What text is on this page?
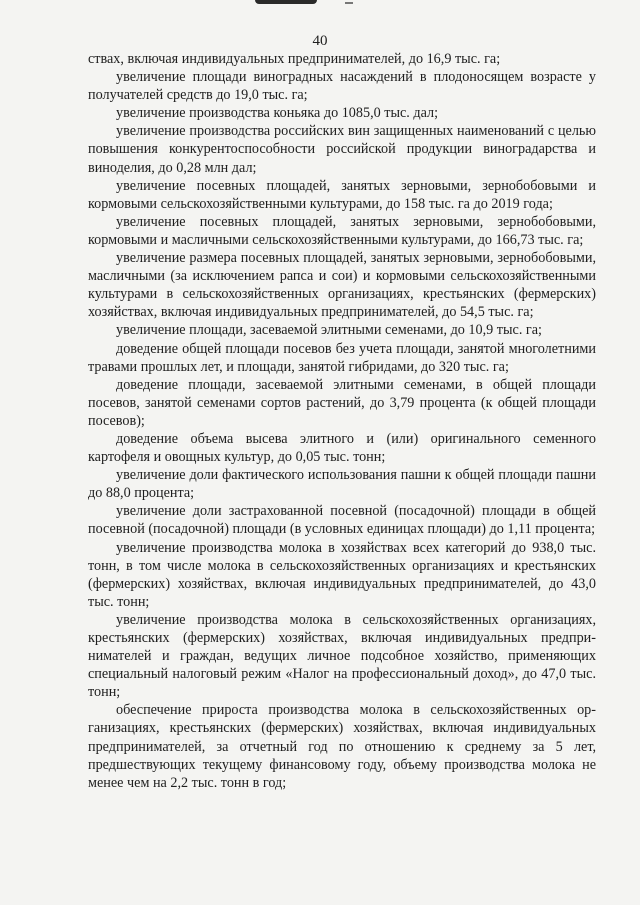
40

ствах, включая индивидуальных предпринимателей, до 16,9 тыс. га;

увеличение площади виноградных насаждений в плодоносящем возрасте у получателей средств до 19,0 тыс. га;

увеличение производства коньяка до 1085,0 тыс. дал;

увеличение производства российских вин защищенных наименований с целью повышения конкурентоспособности российской продукции виноградарства и виноделия, до 0,28 млн дал;

увеличение посевных площадей, занятых зерновыми, зернобобовыми и кормовыми сельскохозяйственными культурами, до 158 тыс. га до 2019 года;

увеличение посевных площадей, занятых зерновыми, зернобобовыми, кормовыми и масличными сельскохозяйственными культурами, до 166,73 тыс. га;

увеличение размера посевных площадей, занятых зерновыми, зернобобовыми, масличными (за исключением рапса и сои) и кормовыми сельскохозяйственными культурами в сельскохозяйственных организациях, крестьянских (фермерских) хозяйствах, включая индивидуальных предпринимателей, до 54,5 тыс. га;

увеличение площади, засеваемой элитными семенами, до 10,9 тыс. га;

доведение общей площади посевов без учета площади, занятой многолетними травами прошлых лет, и площади, занятой гибридами, до 320 тыс. га;

доведение площади, засеваемой элитными семенами, в общей площади посевов, занятой семенами сортов растений, до 3,79 процента (к общей площади посевов);

доведение объема высева элитного и (или) оригинального семенного картофеля и овощных культур, до 0,05 тыс. тонн;

увеличение доли фактического использования пашни к общей площади пашни до 88,0 процента;

увеличение доли застрахованной посевной (посадочной) площади в общей посевной (посадочной) площади (в условных единицах площади) до 1,11 процента;

увеличение производства молока в хозяйствах всех категорий до 938,0 тыс. тонн, в том числе молока в сельскохозяйственных организациях и крестьянских (фермерских) хозяйствах, включая индивидуальных предпринимателей, до 43,0 тыс. тонн;

увеличение производства молока в сельскохозяйственных организациях, крестьянских (фермерских) хозяйствах, включая индивидуальных предпринимателей и граждан, ведущих личное подсобное хозяйство, применяющих специальный налоговый режим «Налог на профессиональный доход», до 47,0 тыс. тонн;

обеспечение прироста производства молока в сельскохозяйственных организациях, крестьянских (фермерских) хозяйствах, включая индивидуальных предпринимателей, за отчетный год по отношению к среднему за 5 лет, предшествующих текущему финансовому году, объему производства молока не менее чем на 2,2 тыс. тонн в год;
